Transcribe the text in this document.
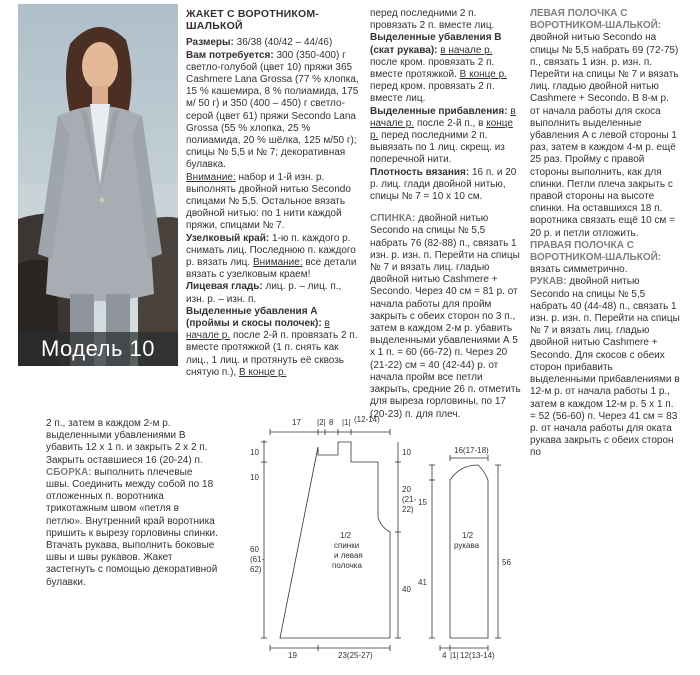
Модель 10

ЖАКЕТ С ВОРОТНИКОМ-ШАЛЬКОЙ

Размеры: 36/38 (40/42 – 44/46)

Вам потребуется: 300 (350-400) г светло-голубой (цвет 10) пряжи 365 Cashmere Lana Grossa (77 % хлопка, 15 % кашемира, 8 % полиамида, 175 м/ 50 г) и 350 (400 – 450) г светло-серой (цвет 61) пряжи Secondo Lana Grossa (55 % хлопка, 25 % полиамида, 20 % шёлка, 125 м/50 г); спицы № 5,5 и № 7; декоративная булавка.

Внимание: набор и 1-й изн. р. выполнять двойной нитью Secondo спицами № 5,5. Остальное вязать двойной нитью: по 1 нити каждой пряжи, спицами № 7.

Узелковый край: 1-ю п. каждого р. снимать лиц. Последнюю п. каждого р. вязать лиц. Внимание: все детали вязать с узелковым краем!

Лицевая гладь: лиц. р. – лиц. п., изн. р. – изн. п.

Выделенные убавления А (проймы и скосы полочек): в начале р. после 2-й п. провязать 2 п. вместе протяжкой (1 п. снять как лиц., 1 лиц. и протянуть её сквозь снятую п.), В конце р.

перед последними 2 п. провязать 2 п. вместе лиц.

Выделенные убавления В (скат рукава): в начале р. после кром. провязать 2 п. вместе протяжкой. В конце р. перед кром. провязать 2 п. вместе лиц.

Выделенные прибавления: в начале р. после 2-й п., в конце р. перед последними 2 п. вывязать по 1 лиц. скрещ. из поперечной нити.

Плотность вязания: 16 п. и 20 р. лиц. глади двойной нитью, спицы № 7 = 10 х 10 см.

СПИНКА: двойной нитью Secondo на спицы № 5,5 набрать 76 (82-88) п., связать 1 изн. р. изн. п. Перейти на спицы № 7 и вязать лиц. гладью двойной нитью Cashmere + Secondo. Через 40 см = 81 р. от начала работы для пройм закрыть с обеих сторон по 3 п., затем в каждом 2-м р. убавить выделенными убавлениями А 5 х 1 п. = 60 (66-72) п. Через 20 (21-22) см = 40 (42-44) р. от начала пройм все петли закрыть, средние 26 п. отметить для выреза горловины, по 17 (20-23) п. для плеч.

ЛЕВАЯ ПОЛОЧКА С ВОРОТНИКОМ-ШАЛЬКОЙ: двойной нитью Secondo на спицы № 5,5 набрать 69 (72-75) п., связать 1 изн. р. изн. п. Перейти на спицы № 7 и вязать лиц. гладью двойной нитью Cashmere + Secondo. В 8-м р. от начала работы для скоса выполнить выделенные убавления А с левой стороны 1 раз, затем в каждом 4-м р. ещё 25 раз. Пройму с правой стороны выполнить, как для спинки. Петли плеча закрыть с правой стороны на высоте спинки. На оставшихся 18 п. воротника связать ещё 10 см = 20 р. и петли отложить.

ПРАВАЯ ПОЛОЧКА С ВОРОТНИКОМ-ШАЛЬКОЙ: вязать симметрично.

РУКАВ: двойной нитью Secondo на спицы № 5,5 набрать 40 (44-48) п., связать 1 изн. р. изн. п. Перейти на спицы № 7 и вязать лиц. гладью двойной нитью Cashmere + Secondo. Для скосов с обеих сторон прибавить выделенными прибавлениями в 12-м р. от начала работы 1 р., затем в каждом 12-м р. 5 х 1 п. = 52 (56-60) п. Через 41 см = 83 р. от начала работы для оката рукава закрыть с обеих сторон по

2 п., затем в каждом 2-м р. выделенными убавлениями В убавить 12 х 1 п. и закрыть 2 х 2 п. Закрыть оставшиеся 16 (20-24) п.

СБОРКА: выполнить плечевые швы. Соединить между собой по 18 отложенных п. воротника трикотажным швом «петля в петлю». Внутренний край воротника пришить к вырезу горловины спинки. Втачать рукава, выполнить боковые швы и швы рукавов. Жакет застегнуть с помощью декоративной булавки.

17 |2| 8 |1| (12-14)
10
10
10
20
(21-
22)
60
(61-
62)
40
19	23(25-27)
1/2
спинки
и левая
полочка
16(17-18)
15
41
56
4 |1| 12(13-14)
1/2
рукава
